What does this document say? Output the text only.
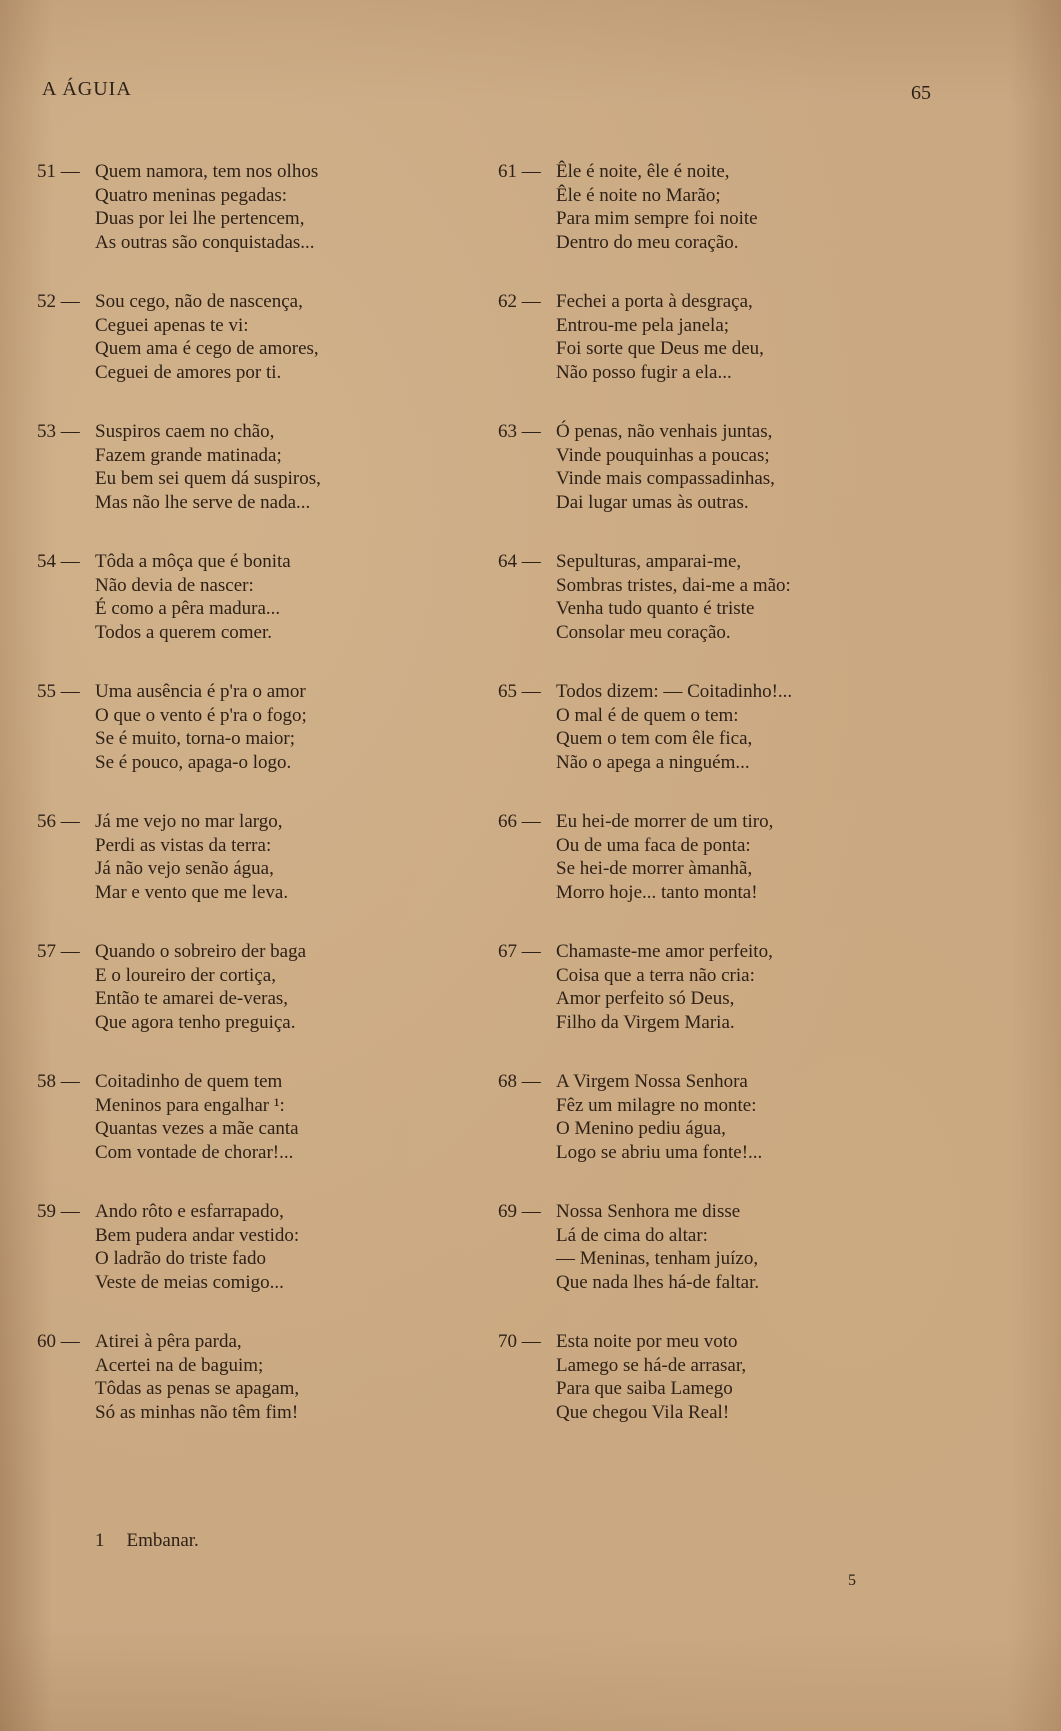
A ÁGUIA	65
51 — Quem namora, tem nos olhos
Quatro meninas pegadas:
Duas por lei lhe pertencem,
As outras são conquistadas...
52 — Sou cego, não de nascença,
Ceguei apenas te vi:
Quem ama é cego de amores,
Ceguei de amores por ti.
53 — Suspiros caem no chão,
Fazem grande matinada;
Eu bem sei quem dá suspiros,
Mas não lhe serve de nada...
54 — Tôda a môça que é bonita
Não devia de nascer:
É como a pêra madura...
Todos a querem comer.
55 — Uma ausência é p'ra o amor
O que o vento é p'ra o fogo;
Se é muito, torna-o maior;
Se é pouco, apaga-o logo.
56 — Já me vejo no mar largo,
Perdi as vistas da terra:
Já não vejo senão água,
Mar e vento que me leva.
57 — Quando o sobreiro der baga
E o loureiro der cortiça,
Então te amarei de-veras,
Que agora tenho preguiça.
58 — Coitadinho de quem tem
Meninos para engalhar ¹:
Quantas vezes a mãe canta
Com vontade de chorar!...
59 — Ando rôto e esfarrapado,
Bem pudera andar vestido:
O ladrão do triste fado
Veste de meias comigo...
60 — Atirei à pêra parda,
Acertei na de baguim;
Tôdas as penas se apagam,
Só as minhas não têm fim!
61 — Êle é noite, êle é noite,
Êle é noite no Marão;
Para mim sempre foi noite
Dentro do meu coração.
62 — Fechei a porta à desgraça,
Entrou-me pela janela;
Foi sorte que Deus me deu,
Não posso fugir a ela...
63 — Ó penas, não venhais juntas,
Vinde pouquinhas a poucas;
Vinde mais compassadinhas,
Dai lugar umas às outras.
64 — Sepulturas, amparai-me,
Sombras tristes, dai-me a mão:
Venha tudo quanto é triste
Consolar meu coração.
65 — Todos dizem: — Coitadinho!...
O mal é de quem o tem:
Quem o tem com êle fica,
Não o apega a ninguém...
66 — Eu hei-de morrer de um tiro,
Ou de uma faca de ponta:
Se hei-de morrer àmanhã,
Morro hoje... tanto monta!
67 — Chamaste-me amor perfeito,
Coisa que a terra não cria:
Amor perfeito só Deus,
Filho da Virgem Maria.
68 — A Virgem Nossa Senhora
Fêz um milagre no monte:
O Menino pediu água,
Logo se abriu uma fonte!...
69 — Nossa Senhora me disse
Lá de cima do altar:
— Meninas, tenham juízo,
Que nada lhes há-de faltar.
70 — Esta noite por meu voto
Lamego se há-de arrasar,
Para que saiba Lamego
Que chegou Vila Real!
1 Embanar.
5
